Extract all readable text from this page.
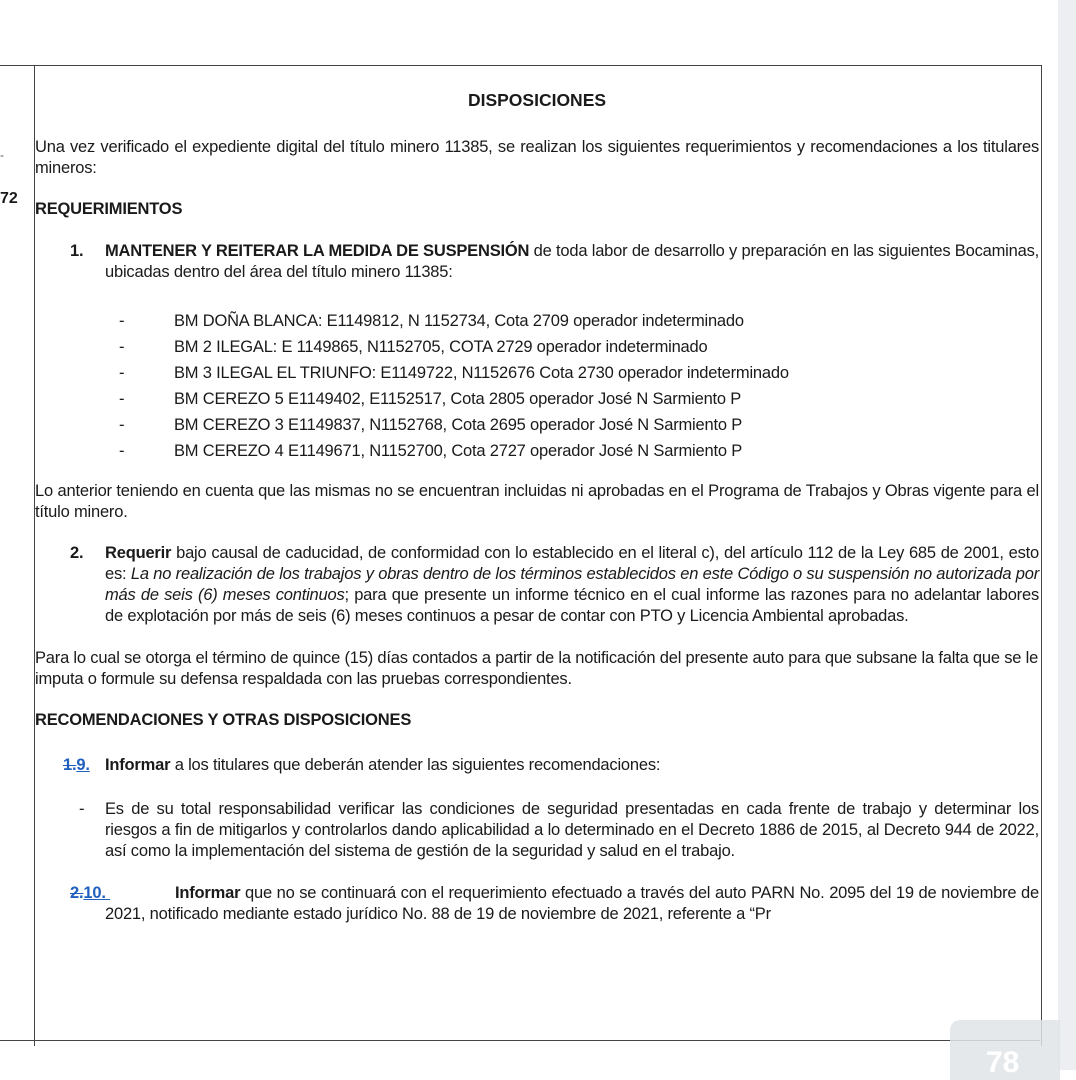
-
72
DISPOSICIONES

Una vez verificado el expediente digital del título minero 11385, se realizan los siguientes requerimientos y recomendaciones a los titulares mineros:

REQUERIMIENTOS

1. MANTENER Y REITERAR LA MEDIDA DE SUSPENSIÓN de toda labor de desarrollo y preparación en las siguientes Bocaminas, ubicadas dentro del área del título minero 11385:
-	BM DOÑA BLANCA: E1149812, N 1152734, Cota 2709 operador indeterminado
-	BM 2 ILEGAL: E 1149865, N1152705, COTA 2729 operador indeterminado
-	BM 3 ILEGAL EL TRIUNFO: E1149722, N1152676 Cota 2730 operador indeterminado
-	BM CEREZO 5 E1149402, E1152517, Cota 2805 operador José N Sarmiento P
-	BM CEREZO 3 E1149837, N1152768, Cota 2695 operador José N Sarmiento P
-	BM CEREZO 4 E1149671, N1152700, Cota 2727 operador José N Sarmiento P

Lo anterior teniendo en cuenta que las mismas no se encuentran incluidas ni aprobadas en el Programa de Trabajos y Obras vigente para el título minero.

2. Requerir bajo causal de caducidad, de conformidad con lo establecido en el literal c), del artículo 112 de la Ley 685 de 2001, esto es: La no realización de los trabajos y obras dentro de los términos establecidos en este Código o su suspensión no autorizada por más de seis (6) meses continuos; para que presente un informe técnico en el cual informe las razones para no adelantar labores de explotación por más de seis (6) meses continuos a pesar de contar con PTO y Licencia Ambiental aprobadas.

Para lo cual se otorga el término de quince (15) días contados a partir de la notificación del presente auto para que subsane la falta que se le imputa o formule su defensa respaldada con las pruebas correspondientes.

RECOMENDACIONES Y OTRAS DISPOSICIONES

1.9. Informar a los titulares que deberán atender las siguientes recomendaciones:
- Es de su total responsabilidad verificar las condiciones de seguridad presentadas en cada frente de trabajo y determinar los riesgos a fin de mitigarlos y controlarlos dando aplicabilidad a lo determinado en el Decreto 1886 de 2015, al Decreto 944 de 2022, así como la implementación del sistema de gestión de la seguridad y salud en el trabajo.
2.10.	Informar que no se continuará con el requerimiento efectuado a través del auto PARN No. 2095 del 19 de noviembre de 2021, notificado mediante estado jurídico No. 88 de 19 de noviembre de 2021, referente a “Pr
78
